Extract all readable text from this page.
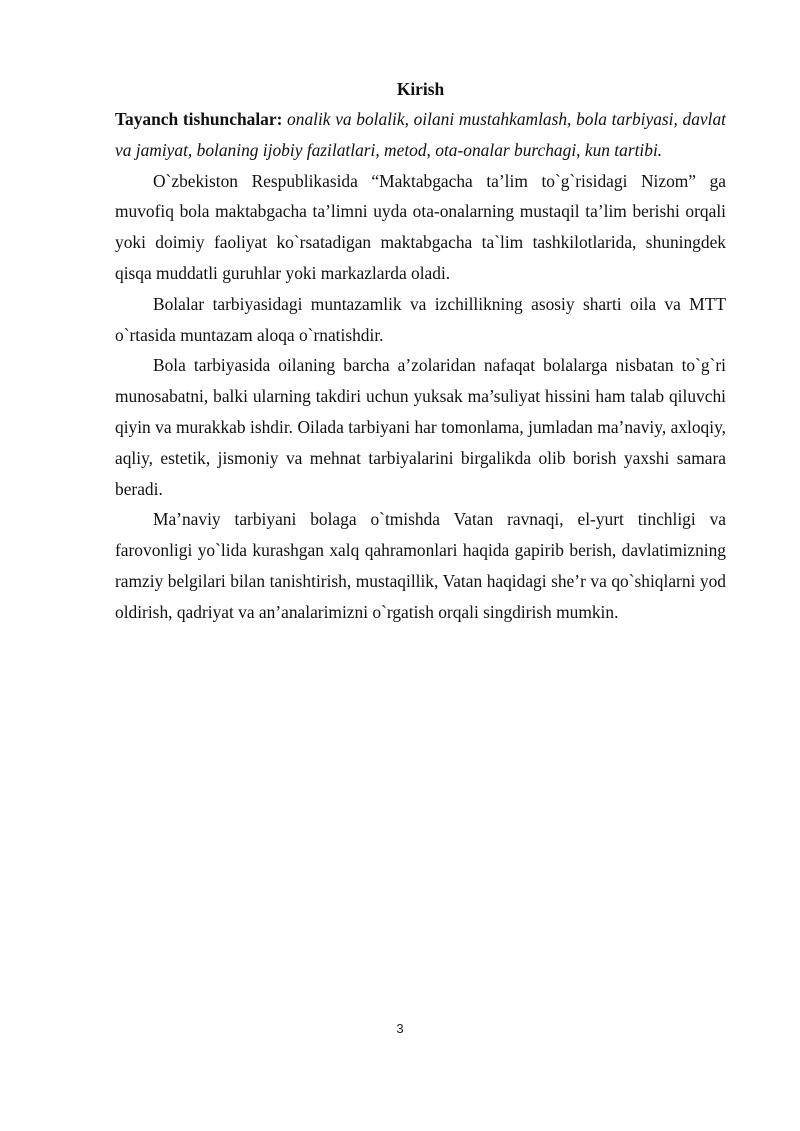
Kirish

Tayanch tishunchalar: onalik va bolalik, oilani mustahkamlash, bola tarbiyasi, davlat va jamiyat, bolaning ijobiy fazilatlari, metod, ota-onalar burchagi, kun tartibi.

O`zbekiston Respublikasida “Maktabgacha ta’lim to`g`risidagi Nizom” ga muvofiq bola maktabgacha ta’limni uyda ota-onalarning mustaqil ta’lim berishi orqali yoki doimiy faoliyat ko`rsatadigan maktabgacha ta`lim tashkilotlarida, shuningdek qisqa muddatli guruhlar yoki markazlarda oladi.

Bolalar tarbiyasidagi muntazamlik va izchillikning asosiy sharti oila va MTT o`rtasida muntazam aloqa o`rnatishdir.

Bola tarbiyasida oilaning barcha a’zolaridan nafaqat bolalarga nisbatan to`g`ri munosabatni, balki ularning takdiri uchun yuksak ma’suliyat hissini ham talab qiluvchi qiyin va murakkab ishdir. Oilada tarbiyani har tomonlama, jumladan ma’naviy, axloqiy, aqliy, estetik, jismoniy va mehnat tarbiyalarini birgalikda olib borish yaxshi samara beradi.

Ma’naviy tarbiyani bolaga o`tmishda Vatan ravnaqi, el-yurt tinchligi va farovonligi yo`lida kurashgan xalq qahramonlari haqida gapirib berish, davlatimizning ramziy belgilari bilan tanishtirish, mustaqillik, Vatan haqidagi she’r va qo`shiqlarni yod oldirish, qadriyat va an’analarimizni o`rgatish orqali singdirish mumkin.

3
